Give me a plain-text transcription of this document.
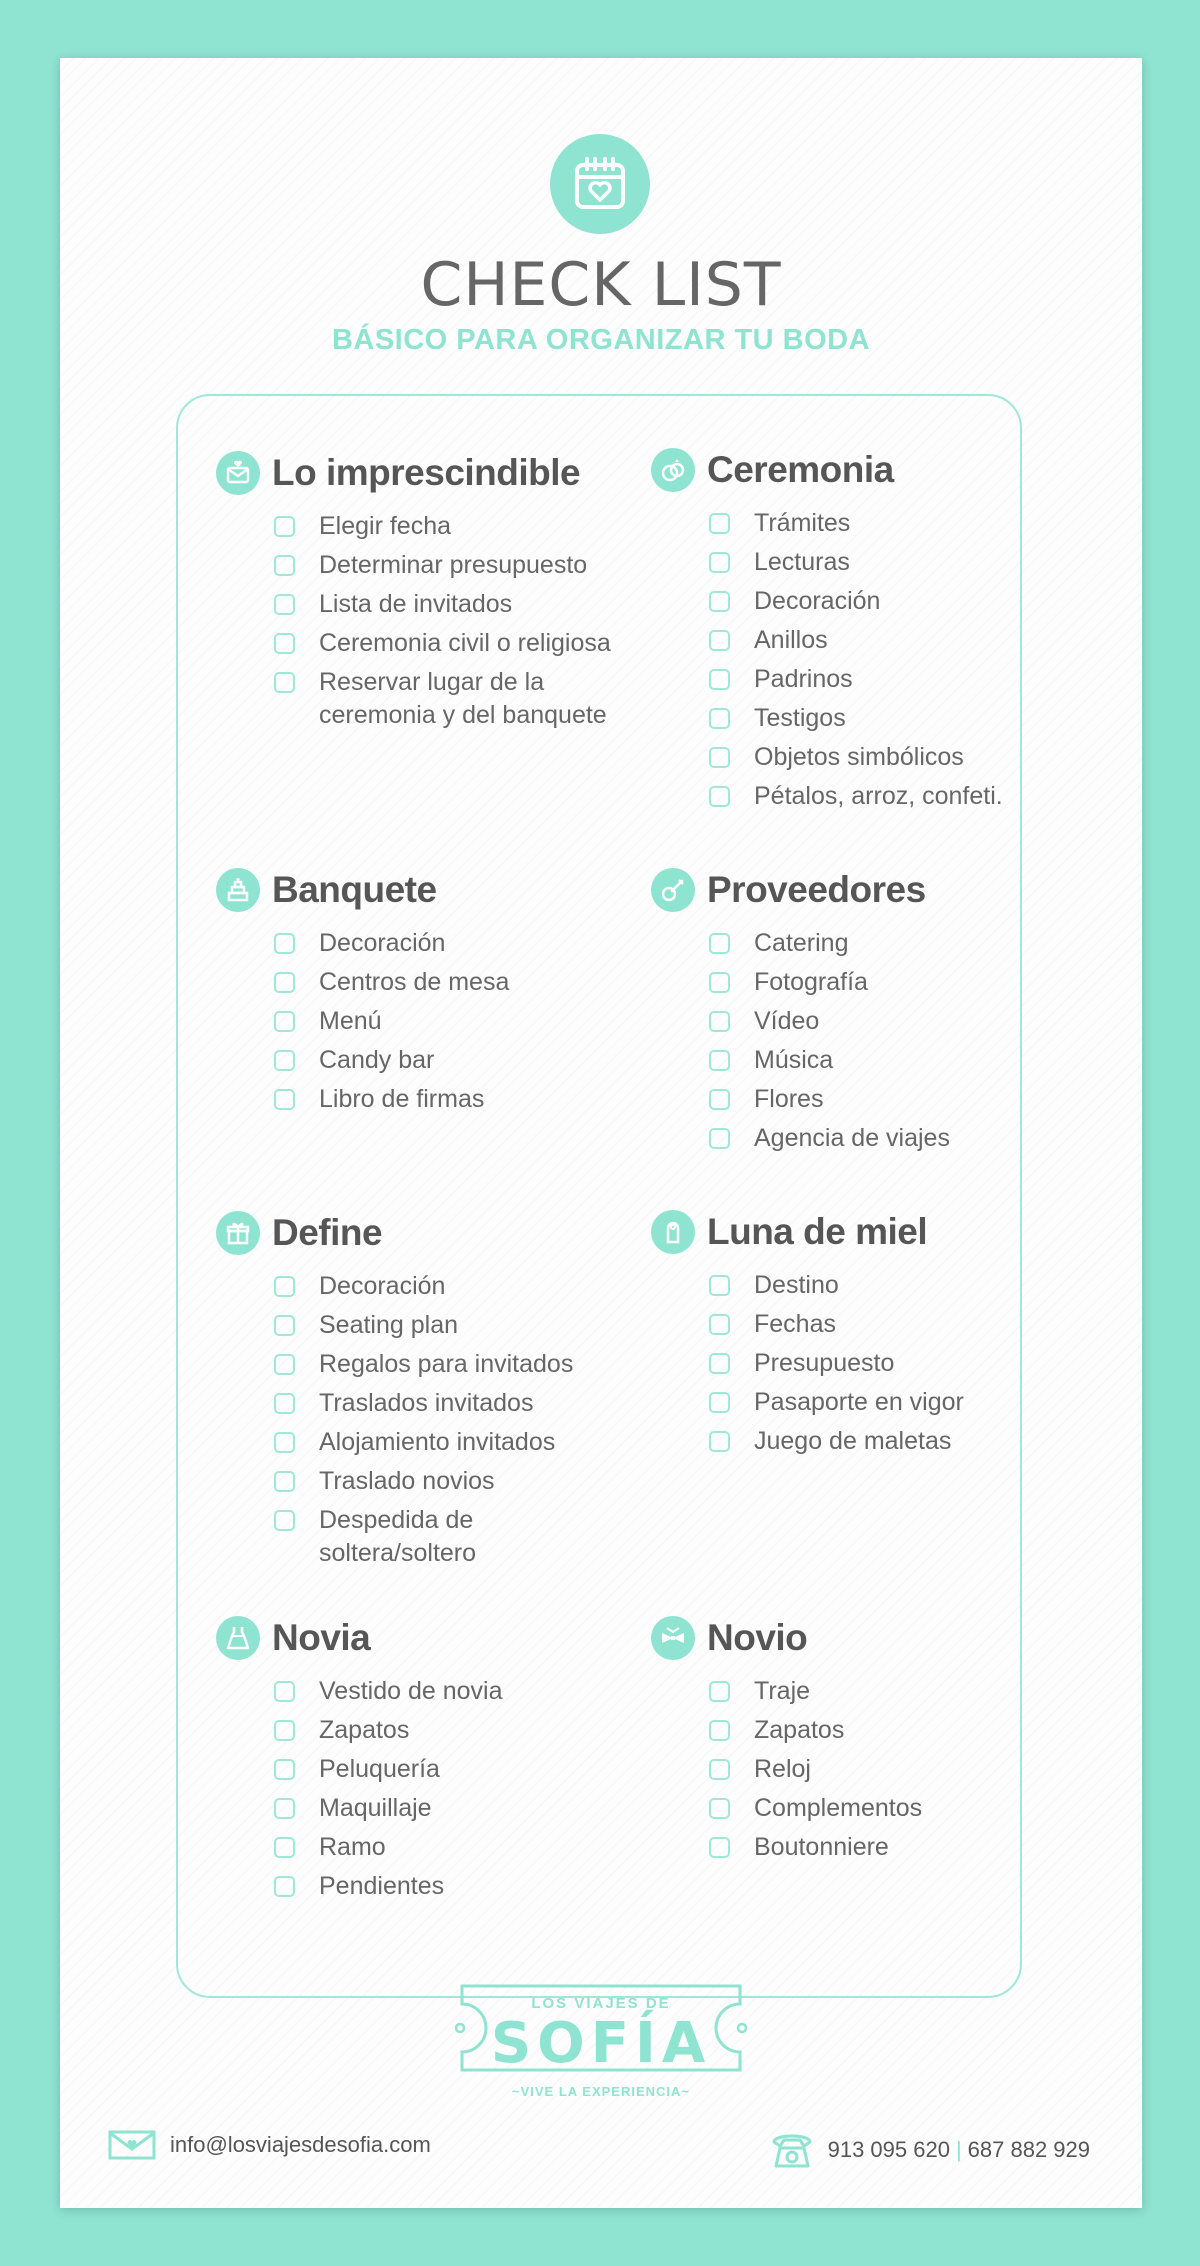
CHECK LIST
BÁSICO PARA ORGANIZAR TU BODA
Lo imprescindible
Elegir fecha
Determinar presupuesto
Lista de invitados
Ceremonia civil o religiosa
Reservar lugar de la
ceremonia y del banquete
Ceremonia
Trámites
Lecturas
Decoración
Anillos
Padrinos
Testigos
Objetos simbólicos
Pétalos, arroz, confeti.
Banquete
Decoración
Centros de mesa
Menú
Candy bar
Libro de firmas
Proveedores
Catering
Fotografía
Vídeo
Música
Flores
Agencia de viajes
Define
Decoración
Seating plan
Regalos para invitados
Traslados invitados
Alojamiento invitados
Traslado novios
Despedida de
soltera/soltero
Luna de miel
Destino
Fechas
Presupuesto
Pasaporte en vigor
Juego de maletas
Novia
Vestido de novia
Zapatos
Peluquería
Maquillaje
Ramo
Pendientes
Novio
Traje
Zapatos
Reloj
Complementos
Boutonniere
LOS VIAJES DE
SOFÍA
~VIVE LA EXPERIENCIA~
info@losviajesdesofia.com	913 095 620 | 687 882 929
